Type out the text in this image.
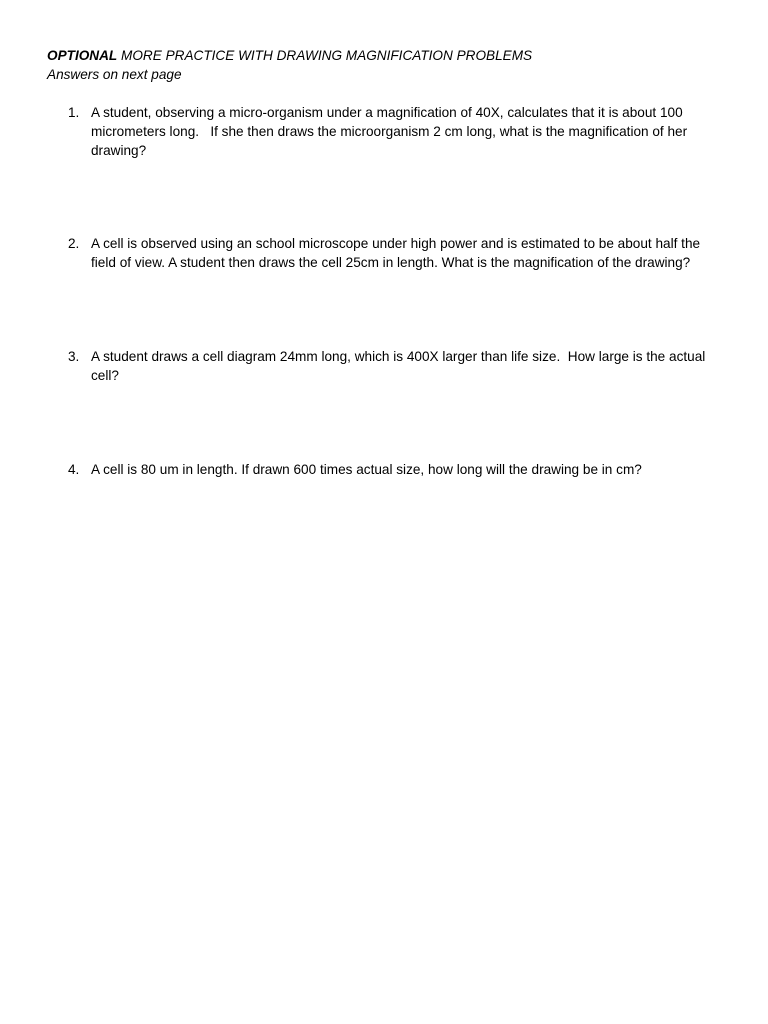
OPTIONAL MORE PRACTICE WITH DRAWING MAGNIFICATION PROBLEMS
Answers on next page
1. A student, observing a micro-organism under a magnification of 40X, calculates that it is about 100 micrometers long.   If she then draws the microorganism 2 cm long, what is the magnification of her drawing?
2. A cell is observed using an school microscope under high power and is estimated to be about half the field of view. A student then draws the cell 25cm in length. What is the magnification of the drawing?
3. A student draws a cell diagram 24mm long, which is 400X larger than life size.  How large is the actual cell?
4. A cell is 80 um in length. If drawn 600 times actual size, how long will the drawing be in cm?
